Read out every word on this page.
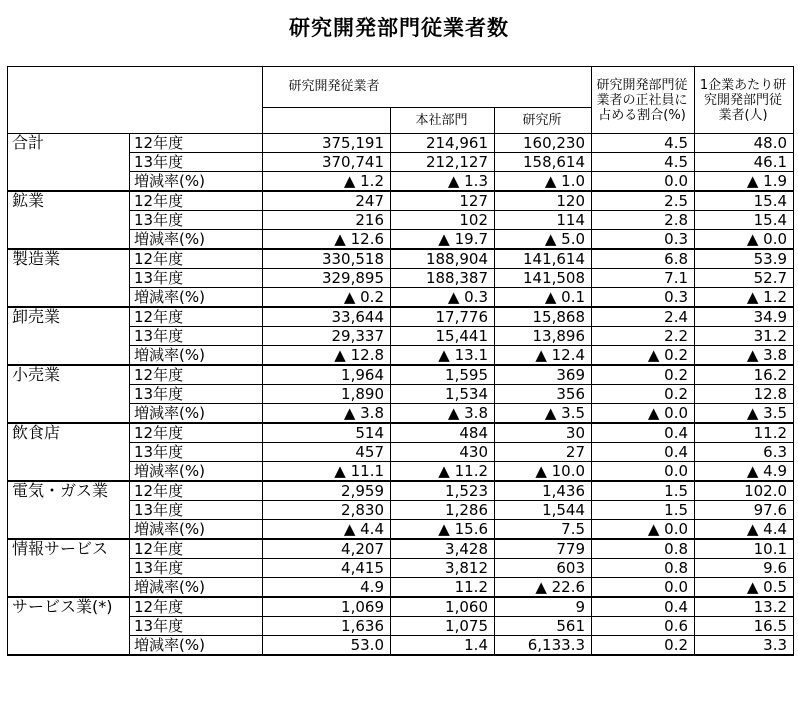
研究開発部門従業者数
		研究開発従業者			研究開発部門従業者の正社員に占める割合(%)	1企業あたり研究開発部門従業者(人)
			本社部門	研究所		
合計	12年度	375,191	214,961	160,230	4.5	48.0
	13年度	370,741	212,127	158,614	4.5	46.1
	増減率(%)	▲ 1.2	▲ 1.3	▲ 1.0	0.0	▲ 1.9
鉱業	12年度	247	127	120	2.5	15.4
	13年度	216	102	114	2.8	15.4
	増減率(%)	▲ 12.6	▲ 19.7	▲ 5.0	0.3	▲ 0.0
製造業	12年度	330,518	188,904	141,614	6.8	53.9
	13年度	329,895	188,387	141,508	7.1	52.7
	増減率(%)	▲ 0.2	▲ 0.3	▲ 0.1	0.3	▲ 1.2
卸売業	12年度	33,644	17,776	15,868	2.4	34.9
	13年度	29,337	15,441	13,896	2.2	31.2
	増減率(%)	▲ 12.8	▲ 13.1	▲ 12.4	▲ 0.2	▲ 3.8
小売業	12年度	1,964	1,595	369	0.2	16.2
	13年度	1,890	1,534	356	0.2	12.8
	増減率(%)	▲ 3.8	▲ 3.8	▲ 3.5	▲ 0.0	▲ 3.5
飲食店	12年度	514	484	30	0.4	11.2
	13年度	457	430	27	0.4	6.3
	増減率(%)	▲ 11.1	▲ 11.2	▲ 10.0	0.0	▲ 4.9
電気・ガス業	12年度	2,959	1,523	1,436	1.5	102.0
	13年度	2,830	1,286	1,544	1.5	97.6
	増減率(%)	▲ 4.4	▲ 15.6	7.5	▲ 0.0	▲ 4.4
情報サービス	12年度	4,207	3,428	779	0.8	10.1
	13年度	4,415	3,812	603	0.8	9.6
	増減率(%)	4.9	11.2	▲ 22.6	0.0	▲ 0.5
サービス業(*)	12年度	1,069	1,060	9	0.4	13.2
	13年度	1,636	1,075	561	0.6	16.5
	増減率(%)	53.0	1.4	6,133.3	0.2	3.3
